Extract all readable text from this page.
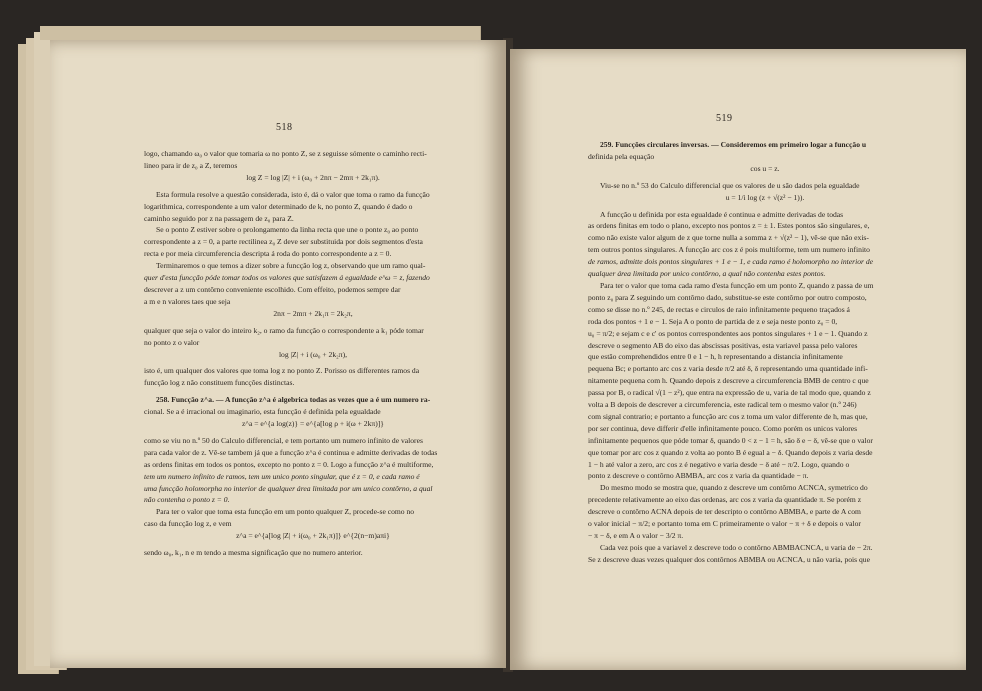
518

logo, chamando ω₀ o valor que tomaria ω no ponto Z, se z seguisse sómente o caminho recti-

lineo para ir de z₀ a Z, teremos

log Z = log |Z| + i (ω₀ + 2nπ − 2mπ + 2k₁π).

Esta formula resolve a questão considerada, isto é, dá o valor que toma o ramo da funcção

logarithmica, correspondente a um valor determinado de k, no ponto Z, quando é dado o

caminho seguido por z na passagem de z₀ para Z.

Se o ponto Z estiver sobre o prolongamento da linha recta que une o ponte z₀ ao ponto

correspondente a z = 0, a parte rectilinea z₀ Z deve ser substituida por dois segmentos d'esta

recta e por meia circumferencia descripta á roda do ponto correspondente a z = 0.

Terminaremos o que temos a dizer sobre a funcção log z, observando que um ramo qual-

quer d'esta funcção póde tomar todos os valores que satisfazem á egualdade e^ω = z, fazendo

descrever a z um contôrno conveniente escolhido. Com effeito, podemos sempre dar

a m e n valores taes que seja

2nπ − 2mπ + 2k₁π = 2k₂π,

qualquer que seja o valor do inteiro k₂, o ramo da funcção o correspondente a k₁ póde tomar

no ponto z o valor

log |Z| + i (ω₀ + 2k₂π),

isto é, um qualquer dos valores que toma log z no ponto Z. Porisso os differentes ramos da

funcção log z não constituem funcções distinctas.

258. Funcção z^a. — A funcção z^a é algebrica todas as vezes que a é um numero ra-

cional. Se a é irracional ou imaginario, esta funcção é definida pela egualdade

z^a = e^{a log(z)} = e^{a[log ρ + i(ω + 2kπ)]}

como se viu no n.º 50 do Calculo differencial, e tem portanto um numero infinito de valores

para cada valor de z. Vê-se tambem já que a funcção z^a é continua e admitte derivadas de todas

as ordens finitas em todos os pontos, excepto no ponto z = 0. Logo a funcção z^a é multiforme,

tem um numero infinito de ramos, tem um unico ponto singular, que é z = 0, e cada ramo é

uma funcção holomorpha no interior de qualquer área limitada por um unico contôrno, a qual

não contenha o ponto z = 0.

Para ter o valor que toma esta funcção em um ponto qualquer Z, procede-se como no

caso da funcção log z, e vem

z^a = e^{a[log |Z| + i(ω₀ + 2k₁π)]} e^{2(n−m)aπi}

sendo ω₀, k₁, n e m tendo a mesma significação que no numero anterior.

519

259. Funcções circulares inversas. — Consideremos em primeiro logar a funcção u

definida pela equação

cos u = z.

Viu-se no n.º 53 do Calculo differencial que os valores de u são dados pela egualdade

u = 1/i log (z + √(z² − 1)).

A funcção u definida por esta egualdade é continua e admitte derivadas de todas

as ordens finitas em todo o plano, excepto nos pontos z = ± 1. Estes pontos são singulares, e,

como não existe valor algum de z que torne nulla a somma z + √(z² − 1), vê-se que não exis-

tem outros pontos singulares. A funcção arc cos z é pois multiforme, tem um numero infinito

de ramos, admitte dois pontos singulares + 1 e − 1, e cada ramo é holomorpho no interior de

qualquer área limitada por unico contôrno, a qual não contenha estes pontos.

Para ter o valor que toma cada ramo d'esta funcção em um ponto Z, quando z passa de um

ponto z₀ para Z seguindo um contôrno dado, substitue-se este contôrno por outro composto,

como se disse no n.º 245, de rectas e circulos de raio infinitamente pequeno traçados á

roda dos pontos + 1 e − 1. Seja A o ponto de partida de z e seja neste ponto z₀ = 0,

u₀ = π/2; e sejam c e c' os pontos correspondentes aos pontos singulares + 1 e − 1. Quando z

descreve o segmento AB do eixo das abscissas positivas, esta variavel passa pelo valores

que estão comprehendidos entre 0 e 1 − h, h representando a distancia infinitamente

pequena Bc; e portanto arc cos z varia desde π/2 até δ, δ representando uma quantidade infi-

nitamente pequena com h. Quando depois z descreve a circumferencia BMB de centro c que

passa por B, o radical √(1 − z²), que entra na expressão de u, varia de tal modo que, quando z

volta a B depois de descrever a circumferencia, este radical tem o mesmo valor (n.º 246)

com signal contrario; e portanto a funcção arc cos z toma um valor differente de h, mas que,

por ser continua, deve differir d'elle infinitamente pouco. Como porém os unicos valores

infinitamente pequenos que póde tomar δ, quando 0 < z − 1 = h, são δ e − δ, vê-se que o valor

que tomar por arc cos z quando z volta ao ponto B é egual a − δ. Quando depois z varia desde

1 − h até valor a zero, arc cos z é negativo e varia desde − δ até − π/2. Logo, quando o

ponto z descreve o contôrno ABMBA, arc cos z varia da quantidade − π.

Do mesmo modo se mostra que, quando z descreve um contôrno ACNCA, symetrico do

precedente relativamente ao eixo das ordenas, arc cos z varia da quantidade π. Se porém z

descreve o contôrno ACNA depois de ter descripto o contôrno ABMBA, e parte de A com

o valor inicial − π/2; e portanto toma em C primeiramente o valor − π + δ e depois o valor

− π − δ, e em A o valor − 3/2 π.

Cada vez pois que a variavel z descreve todo o contôrno ABMBACNCA, u varia de − 2π.

Se z descreve duas vezes qualquer dos contôrnos ABMBA ou ACNCA, u não varia, pois que
